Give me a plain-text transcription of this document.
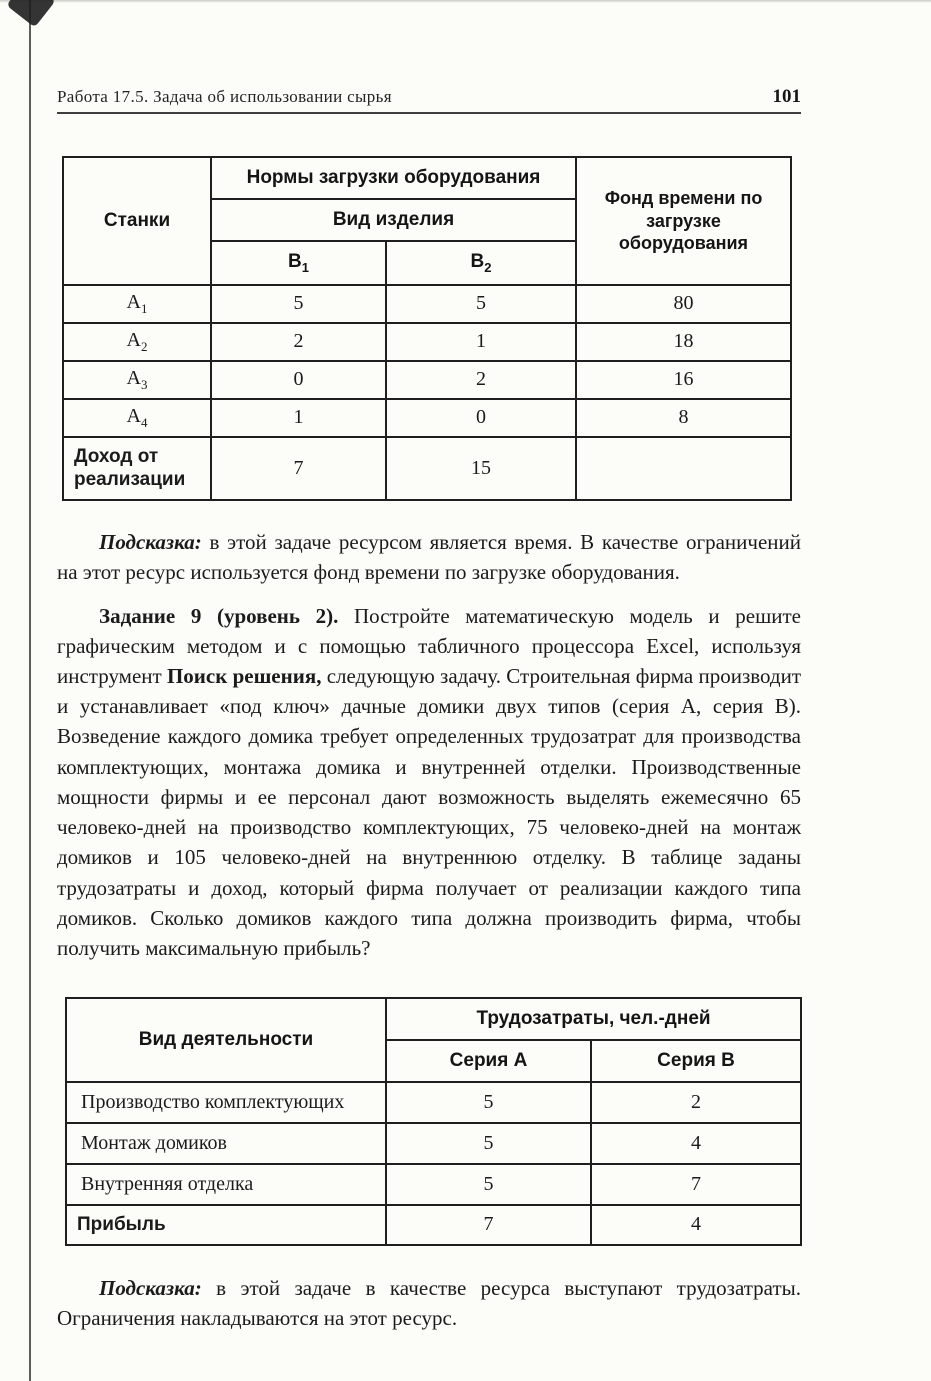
Работа 17.5. Задача об использовании сырья	101
Станки	Нормы загрузки оборудования		Фонд времени по загрузке оборудования
	Вид изделия		
	$В_1$	$В_2$
$А_1$	5	5	80
$А_2$	2	1	18
$А_3$	0	2	16
$А_4$	1	0	8
Доход от реализации	7	15	

Подсказка: в этой задаче ресурсом является время. В качестве ограничений на этот ресурс используется фонд времени по загрузке оборудования.

Задание 9 (уровень 2). Постройте математическую модель и решите графическим методом и с помощью табличного процессора Excel, используя инструмент Поиск решения, следующую задачу. Строительная фирма производит и устанавливает «под ключ» дачные домики двух типов (серия А, серия В). Возведение каждого домика требует определенных трудозатрат для производства комплектующих, монтажа домика и внутренней отделки. Производственные мощности фирмы и ее персонал дают возможность выделять ежемесячно 65 человеко-дней на производство комплектующих, 75 человеко-дней на монтаж домиков и 105 человеко-дней на внутреннюю отделку. В таблице заданы трудозатраты и доход, который фирма получает от реализации каждого типа домиков. Сколько домиков каждого типа должна производить фирма, чтобы получить максимальную прибыль?

Вид деятельности	Трудозатраты, чел.-дней	
	Серия А	Серия В
Производство комплектующих	5	2
Монтаж домиков	5	4
Внутренняя отделка	5	7
Прибыль	7	4

Подсказка: в этой задаче в качестве ресурса выступают трудозатраты. Ограничения накладываются на этот ресурс.
